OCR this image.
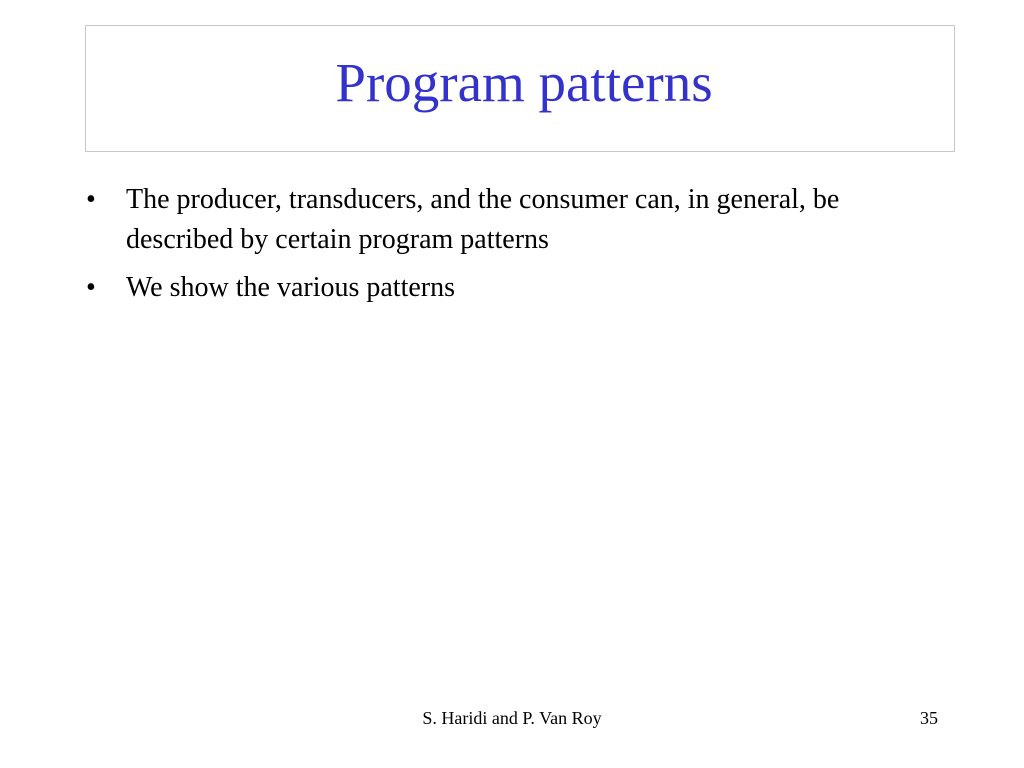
Program patterns
•	The producer, transducers, and the consumer can, in general, be described by certain program patterns
•	We show the various patterns
S. Haridi and P. Van Roy	35
